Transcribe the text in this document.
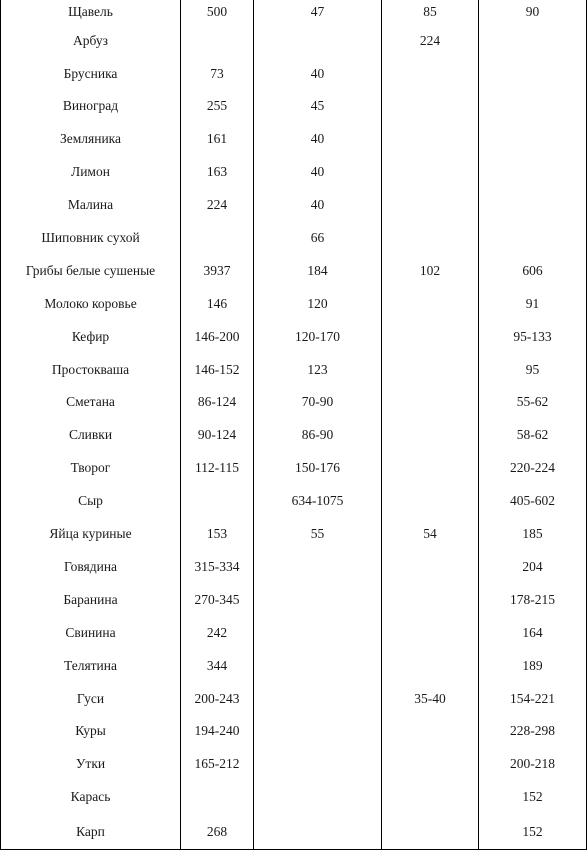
Щавель	500	47	85	90
Арбуз			224	
Брусника	73	40		
Виноград	255	45		
Земляника	161	40		
Лимон	163	40		
Малина	224	40		
Шиповник сухой		66		
Грибы белые сушеные	3937	184	102	606
Молоко коровье	146	120		91
Кефир	146-200	120-170		95-133
Простокваша	146-152	123		95
Сметана	86-124	70-90		55-62
Сливки	90-124	86-90		58-62
Творог	112-115	150-176		220-224
Сыр		634-1075		405-602
Яйца куриные	153	55	54	185
Говядина	315-334			204
Баранина	270-345			178-215
Свинина	242			164
Телятина	344			189
Гуси	200-243		35-40	154-221
Куры	194-240			228-298
Утки	165-212			200-218
Карась				152
Карп	268			152
